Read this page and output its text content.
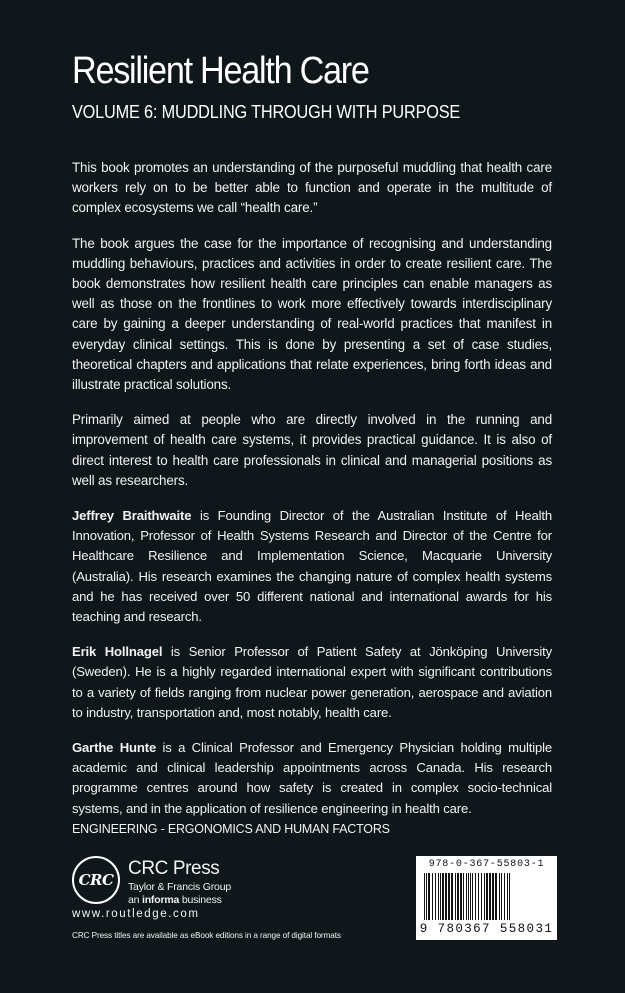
Resilient Health Care
VOLUME 6: MUDDLING THROUGH WITH PURPOSE

This book promotes an understanding of the purposeful muddling that health care workers rely on to be better able to function and operate in the multitude of complex ecosystems we call “health care.”

The book argues the case for the importance of recognising and understanding muddling behaviours, practices and activities in order to create resilient care. The book demonstrates how resilient health care principles can enable managers as well as those on the frontlines to work more effectively towards interdisciplinary care by gaining a deeper understanding of real-world practices that manifest in everyday clinical settings. This is done by presenting a set of case studies, theoretical chapters and applications that relate experiences, bring forth ideas and illustrate practical solutions.

Primarily aimed at people who are directly involved in the running and improvement of health care systems, it provides practical guidance. It is also of direct interest to health care professionals in clinical and managerial positions as well as researchers.

Jeffrey Braithwaite is Founding Director of the Australian Institute of Health Innovation, Professor of Health Systems Research and Director of the Centre for Healthcare Resilience and Implementation Science, Macquarie University (Australia). His research examines the changing nature of complex health systems and he has received over 50 different national and international awards for his teaching and research.

Erik Hollnagel is Senior Professor of Patient Safety at Jönköping University (Sweden). He is a highly regarded international expert with significant contributions to a variety of fields ranging from nuclear power generation, aerospace and aviation to industry, transportation and, most notably, health care.

Garthe Hunte is a Clinical Professor and Emergency Physician holding multiple academic and clinical leadership appointments across Canada. His research programme centres around how safety is created in complex socio-technical systems, and in the application of resilience engineering in health care.

ENGINEERING - ERGONOMICS AND HUMAN FACTORS
CRC
CRC Press
Taylor & Francis Group
an informa business
www.routledge.com
CRC Press titles are available as eBook editions in a range of digital formats
978-0-367-55803-1
9 780367 558031
